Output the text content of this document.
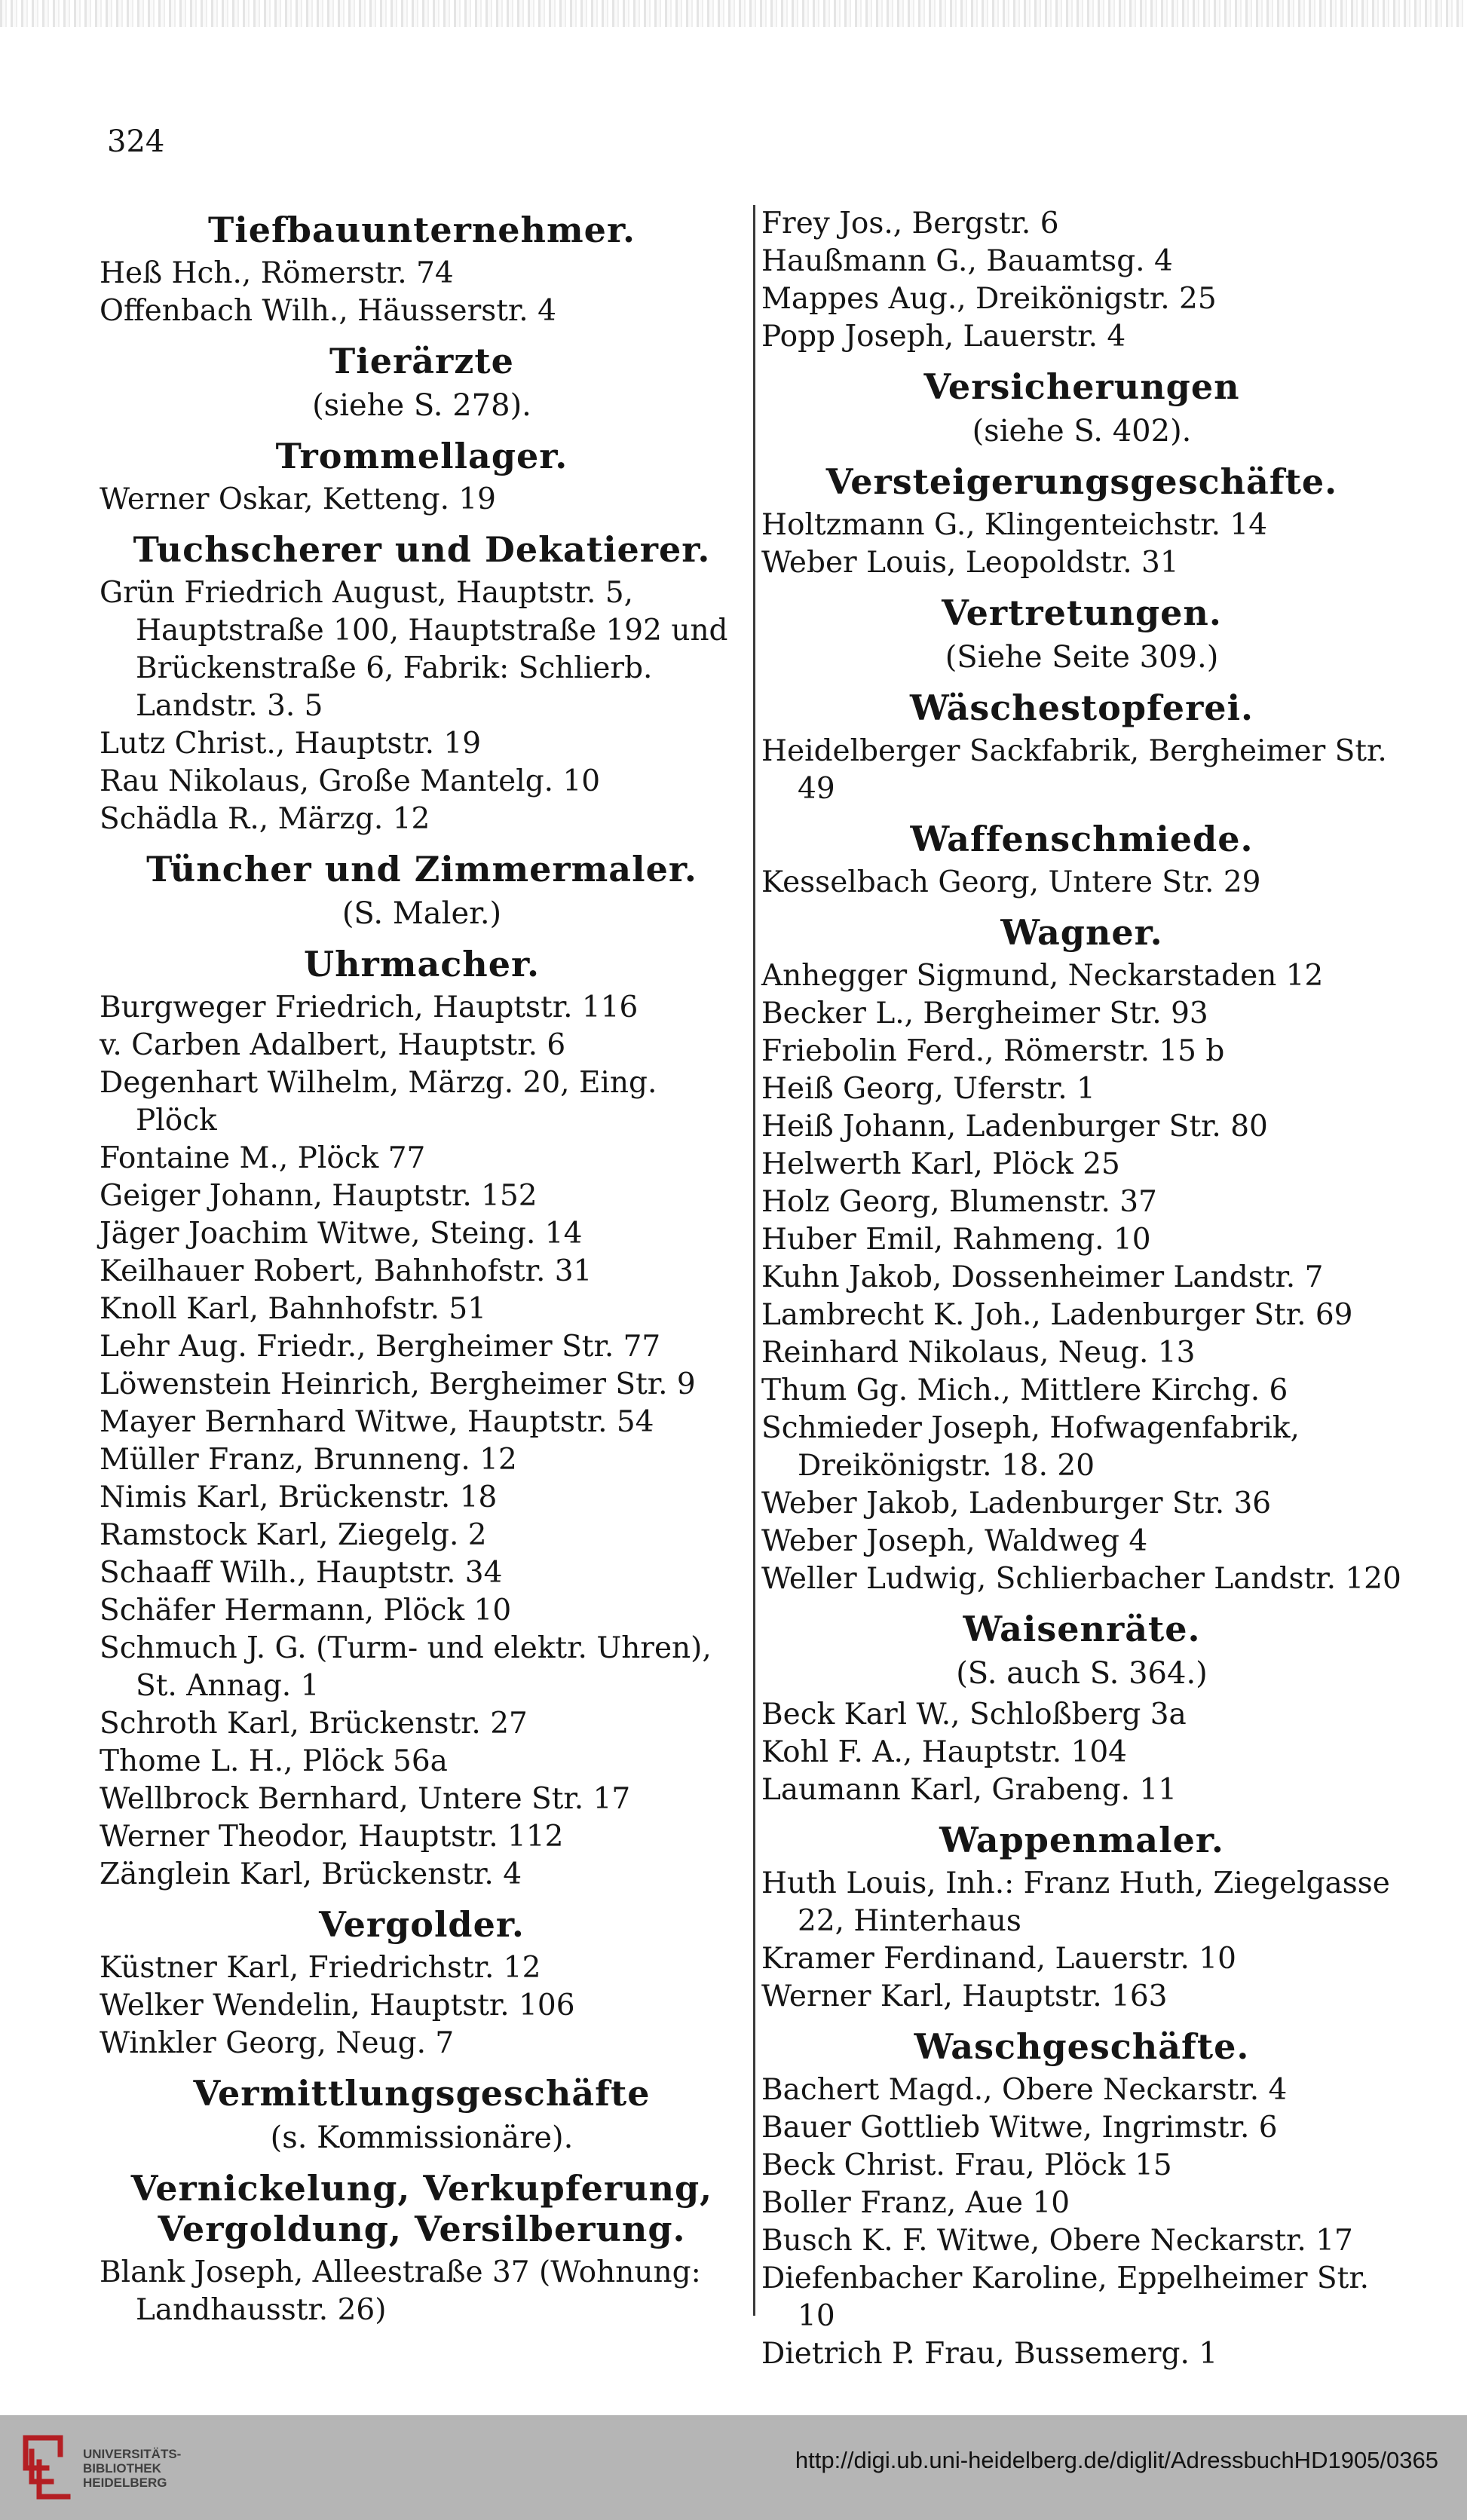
324
Tiefbauunternehmer.
Heß Hch., Römerstr. 74
Offenbach Wilh., Häusserstr. 4
Tierärzte
(siehe S. 278).
Trommellager.
Werner Oskar, Ketteng. 19
Tuchscherer und Dekatierer.
Grün Friedrich August, Hauptstr. 5, Hauptstraße 100, Hauptstraße 192 und Brückenstraße 6, Fabrik: Schlierb. Landstr. 3. 5
Lutz Christ., Hauptstr. 19
Rau Nikolaus, Große Mantelg. 10
Schädla R., Märzg. 12
Tüncher und Zimmermaler.
(S. Maler.)
Uhrmacher.
Burgweger Friedrich, Hauptstr. 116
v. Carben Adalbert, Hauptstr. 6
Degenhart Wilhelm, Märzg. 20, Eing. Plöck
Fontaine M., Plöck 77
Geiger Johann, Hauptstr. 152
Jäger Joachim Witwe, Steing. 14
Keilhauer Robert, Bahnhofstr. 31
Knoll Karl, Bahnhofstr. 51
Lehr Aug. Friedr., Bergheimer Str. 77
Löwenstein Heinrich, Bergheimer Str. 9
Mayer Bernhard Witwe, Hauptstr. 54
Müller Franz, Brunneng. 12
Nimis Karl, Brückenstr. 18
Ramstock Karl, Ziegelg. 2
Schaaff Wilh., Hauptstr. 34
Schäfer Hermann, Plöck 10
Schmuch J. G. (Turm- und elektr. Uhren), St. Annag. 1
Schroth Karl, Brückenstr. 27
Thome L. H., Plöck 56a
Wellbrock Bernhard, Untere Str. 17
Werner Theodor, Hauptstr. 112
Zänglein Karl, Brückenstr. 4
Vergolder.
Küstner Karl, Friedrichstr. 12
Welker Wendelin, Hauptstr. 106
Winkler Georg, Neug. 7
Vermittlungsgeschäfte
(s. Kommissionäre).
Vernickelung, Verkupferung, Vergoldung, Versilberung.
Blank Joseph, Alleestraße 37 (Wohnung: Landhausstr. 26)
Frey Jos., Bergstr. 6
Haußmann G., Bauamtsg. 4
Mappes Aug., Dreikönigstr. 25
Popp Joseph, Lauerstr. 4
Versicherungen
(siehe S. 402).
Versteigerungsgeschäfte.
Holtzmann G., Klingenteichstr. 14
Weber Louis, Leopoldstr. 31
Vertretungen.
(Siehe Seite 309.)
Wäschestopferei.
Heidelberger Sackfabrik, Bergheimer Str. 49
Waffenschmiede.
Kesselbach Georg, Untere Str. 29
Wagner.
Anhegger Sigmund, Neckarstaden 12
Becker L., Bergheimer Str. 93
Friebolin Ferd., Römerstr. 15 b
Heiß Georg, Uferstr. 1
Heiß Johann, Ladenburger Str. 80
Helwerth Karl, Plöck 25
Holz Georg, Blumenstr. 37
Huber Emil, Rahmeng. 10
Kuhn Jakob, Dossenheimer Landstr. 7
Lambrecht K. Joh., Ladenburger Str. 69
Reinhard Nikolaus, Neug. 13
Thum Gg. Mich., Mittlere Kirchg. 6
Schmieder Joseph, Hofwagenfabrik, Dreikönigstr. 18. 20
Weber Jakob, Ladenburger Str. 36
Weber Joseph, Waldweg 4
Weller Ludwig, Schlierbacher Landstr. 120
Waisenräte.
(S. auch S. 364.)
Beck Karl W., Schloßberg 3a
Kohl F. A., Hauptstr. 104
Laumann Karl, Grabeng. 11
Wappenmaler.
Huth Louis, Inh.: Franz Huth, Ziegelgasse 22, Hinterhaus
Kramer Ferdinand, Lauerstr. 10
Werner Karl, Hauptstr. 163
Waschgeschäfte.
Bachert Magd., Obere Neckarstr. 4
Bauer Gottlieb Witwe, Ingrimstr. 6
Beck Christ. Frau, Plöck 15
Boller Franz, Aue 10
Busch K. F. Witwe, Obere Neckarstr. 17
Diefenbacher Karoline, Eppelheimer Str. 10
Dietrich P. Frau, Bussemerg. 1
UNIVERSITÄTS-
BIBLIOTHEK
HEIDELBERG
http://digi.ub.uni-heidelberg.de/diglit/AdressbuchHD1905/0365
